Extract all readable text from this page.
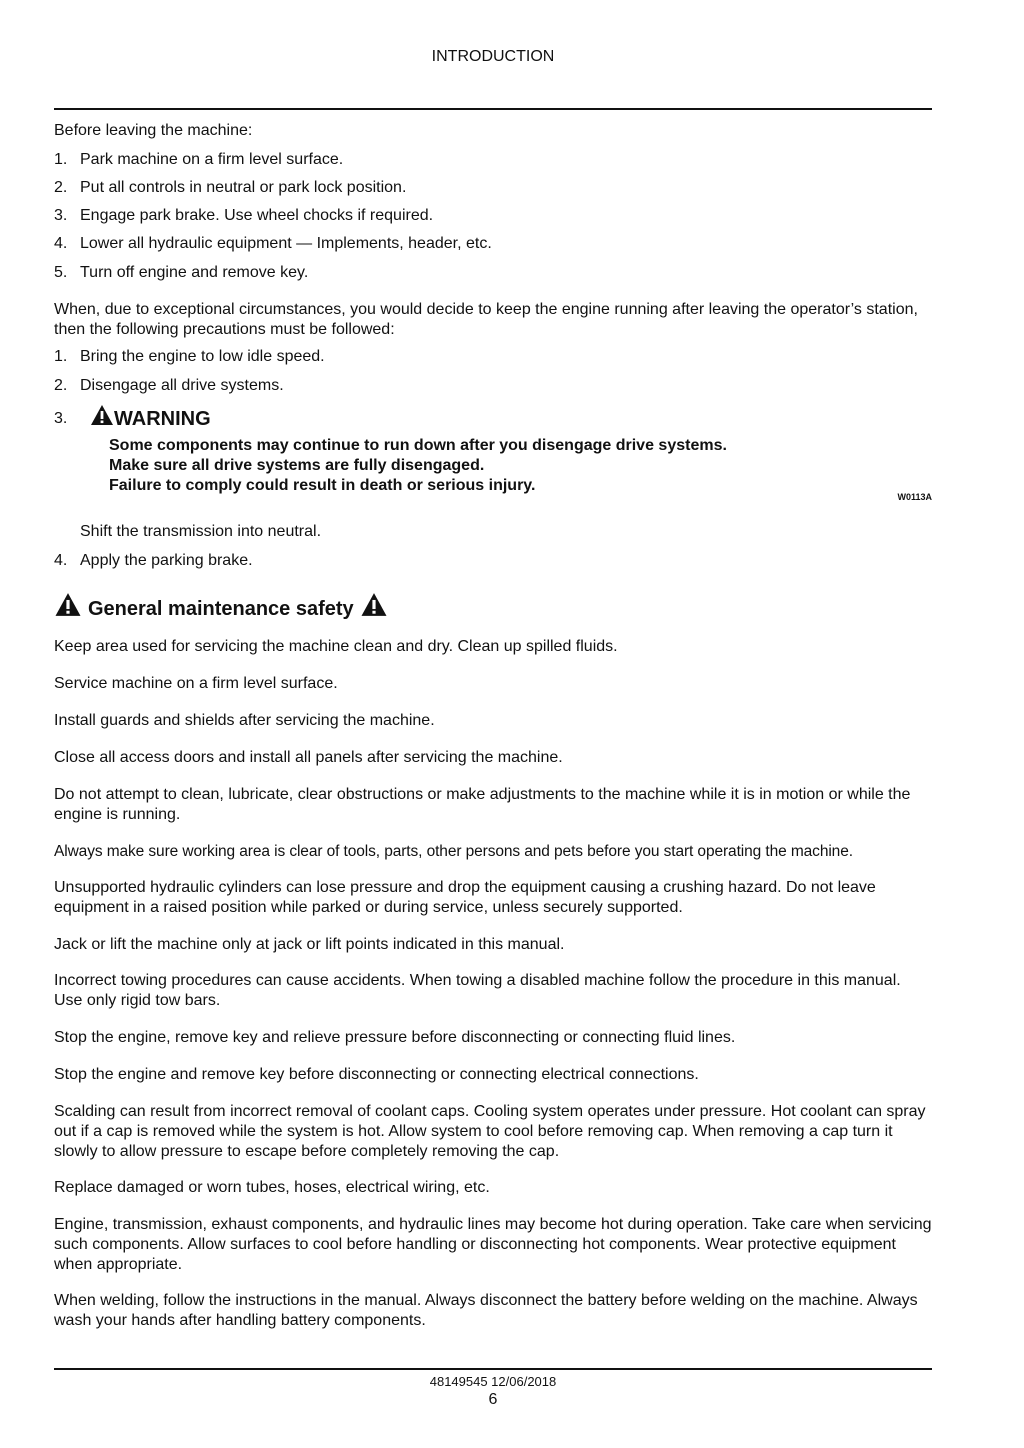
INTRODUCTION
Before leaving the machine:
1. Park machine on a firm level surface.
2. Put all controls in neutral or park lock position.
3. Engage park brake. Use wheel chocks if required.
4. Lower all hydraulic equipment — Implements, header, etc.
5. Turn off engine and remove key.
When, due to exceptional circumstances, you would decide to keep the engine running after leaving the operator’s station, then the following precautions must be followed:
1. Bring the engine to low idle speed.
2. Disengage all drive systems.
3. WARNING
Some components may continue to run down after you disengage drive systems.
Make sure all drive systems are fully disengaged.
Failure to comply could result in death or serious injury.
W0113A
Shift the transmission into neutral.
4. Apply the parking brake.
General maintenance safety
Keep area used for servicing the machine clean and dry. Clean up spilled fluids.
Service machine on a firm level surface.
Install guards and shields after servicing the machine.
Close all access doors and install all panels after servicing the machine.
Do not attempt to clean, lubricate, clear obstructions or make adjustments to the machine while it is in motion or while the engine is running.
Always make sure working area is clear of tools, parts, other persons and pets before you start operating the machine.
Unsupported hydraulic cylinders can lose pressure and drop the equipment causing a crushing hazard. Do not leave equipment in a raised position while parked or during service, unless securely supported.
Jack or lift the machine only at jack or lift points indicated in this manual.
Incorrect towing procedures can cause accidents. When towing a disabled machine follow the procedure in this manual. Use only rigid tow bars.
Stop the engine, remove key and relieve pressure before disconnecting or connecting fluid lines.
Stop the engine and remove key before disconnecting or connecting electrical connections.
Scalding can result from incorrect removal of coolant caps. Cooling system operates under pressure. Hot coolant can spray out if a cap is removed while the system is hot. Allow system to cool before removing cap. When removing a cap turn it slowly to allow pressure to escape before completely removing the cap.
Replace damaged or worn tubes, hoses, electrical wiring, etc.
Engine, transmission, exhaust components, and hydraulic lines may become hot during operation. Take care when servicing such components. Allow surfaces to cool before handling or disconnecting hot components. Wear protective equipment when appropriate.
When welding, follow the instructions in the manual. Always disconnect the battery before welding on the machine. Always wash your hands after handling battery components.
48149545 12/06/2018
6
